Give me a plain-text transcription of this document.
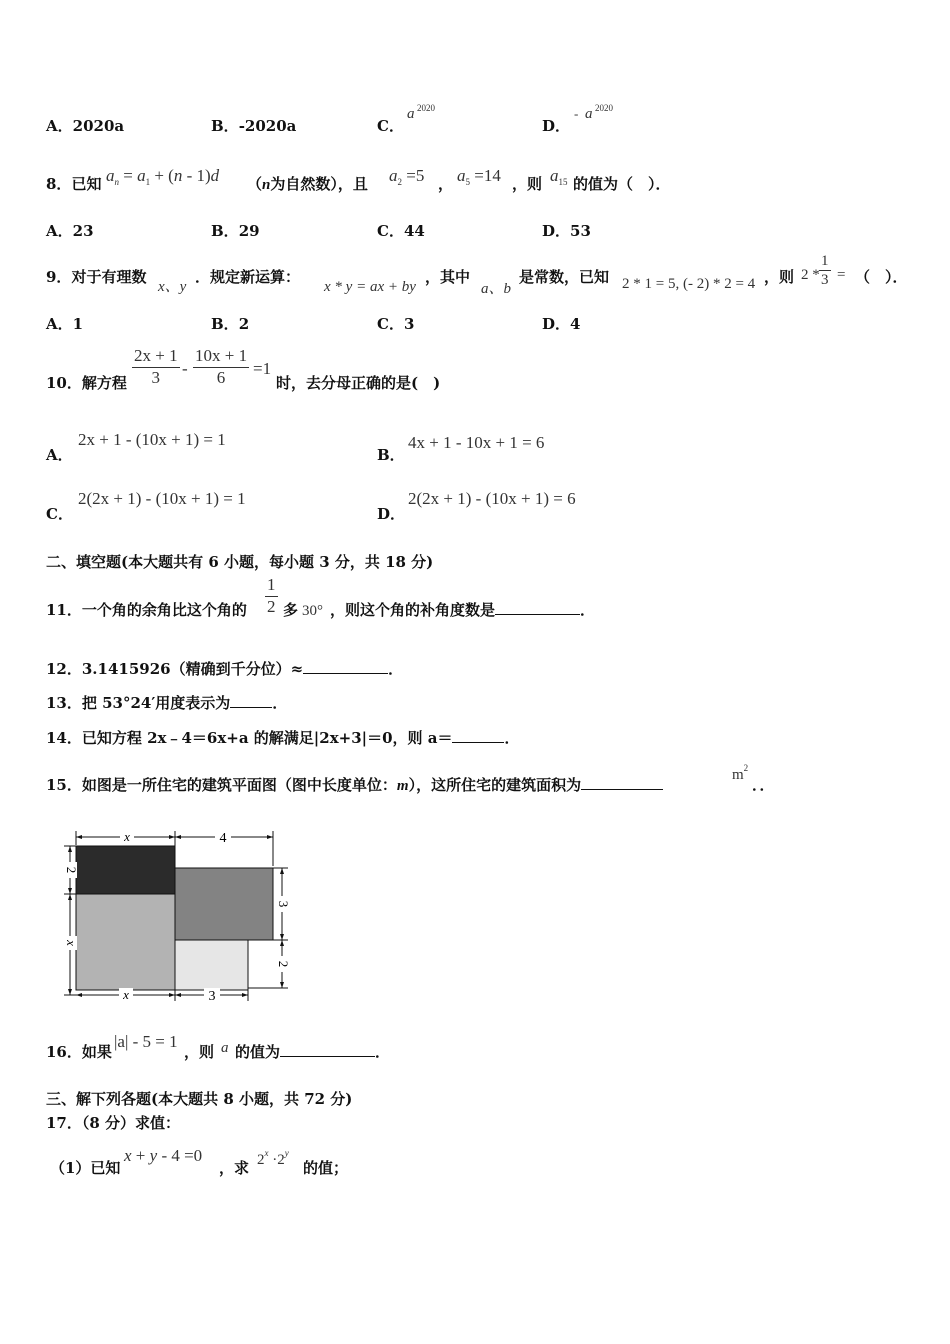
A．2020a	B．-2020a	C．
a 2020
D．
- a 2020
8．已知 $a_n = a_1 + (n - 1)d$ （n为自然数），且 $a_2 =5$ ， $a_5 =14$ ，则 $a_{15}$ 的值为（　）．
A．23	B．29	C．44	D．53
9．对于有理数
x、y
．规定新运算：
x * y = ax + by
，其中
a、b
是常数，已知 2 * 1 = 5, (- 2) * 2 = 4 ，则 $2 * \frac{1}{3}$ = （　）．
A．1	B．2	C．3	D．4
10．解方程 $\frac{2x + 1}{3} - \frac{10x + 1}{6} =1$
时，去分母正确的是(　)
A．
2x + 1 - (10x + 1) = 1
B．
4x + 1 - 10x + 1 = 6
C．
2(2x + 1) - (10x + 1) = 1
D．
2(2x + 1) - (10x + 1) = 6
二、填空题(本大题共有 6 小题，每小题 3 分，共 18 分)
11．一个角的余角比这个角的 $\frac{1}{2}$ 多 30° ，则这个角的补角度数是	．
12．3.1415926（精确到千分位）≈	．
13．把 53°24′用度表示为	．
14．已知方程 2x﹣4＝6x+a 的解满足|2x+3|＝0，则 a＝	．
15．如图是一所住宅的建筑平面图（图中长度单位：m），这所住宅的建筑面积为
$m^2$
．．
x	4
2
x
3
2
x	3
16．如果
|a| - 5 = 1
，则 a 的值为	．
三、解下列各题(本大题共 8 小题，共 72 分)
17．（8 分）求值：
（1）已知
x + y - 4 =0
，求 $2^x \cdot 2^y$
的值；
